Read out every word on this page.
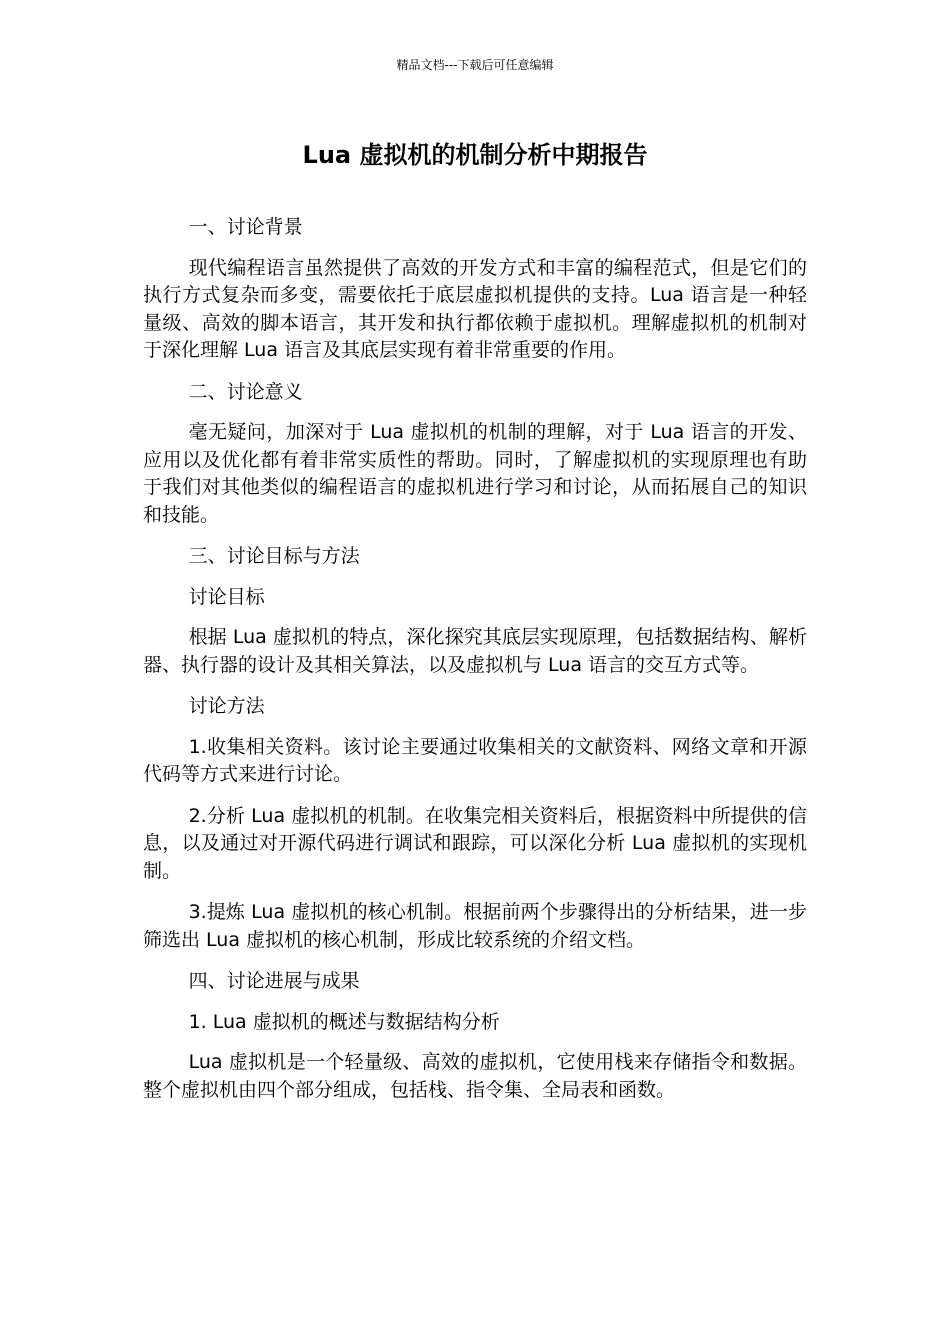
精品文档---下载后可任意编辑
Lua 虚拟机的机制分析中期报告

一、讨论背景

现代编程语言虽然提供了高效的开发方式和丰富的编程范式，但是它们的执行方式复杂而多变，需要依托于底层虚拟机提供的支持。Lua 语言是一种轻量级、高效的脚本语言，其开发和执行都依赖于虚拟机。理解虚拟机的机制对于深化理解 Lua 语言及其底层实现有着非常重要的作用。

二、讨论意义

毫无疑问，加深对于 Lua 虚拟机的机制的理解，对于 Lua 语言的开发、应用以及优化都有着非常实质性的帮助。同时，了解虚拟机的实现原理也有助于我们对其他类似的编程语言的虚拟机进行学习和讨论，从而拓展自己的知识和技能。

三、讨论目标与方法

讨论目标

根据 Lua 虚拟机的特点，深化探究其底层实现原理，包括数据结构、解析器、执行器的设计及其相关算法，以及虚拟机与 Lua 语言的交互方式等。

讨论方法

1.收集相关资料。该讨论主要通过收集相关的文献资料、网络文章和开源代码等方式来进行讨论。

2.分析 Lua 虚拟机的机制。在收集完相关资料后，根据资料中所提供的信息，以及通过对开源代码进行调试和跟踪，可以深化分析 Lua 虚拟机的实现机制。

3.提炼 Lua 虚拟机的核心机制。根据前两个步骤得出的分析结果，进一步筛选出 Lua 虚拟机的核心机制，形成比较系统的介绍文档。

四、讨论进展与成果

1. Lua 虚拟机的概述与数据结构分析

Lua 虚拟机是一个轻量级、高效的虚拟机，它使用栈来存储指令和数据。整个虚拟机由四个部分组成，包括栈、指令集、全局表和函数。
